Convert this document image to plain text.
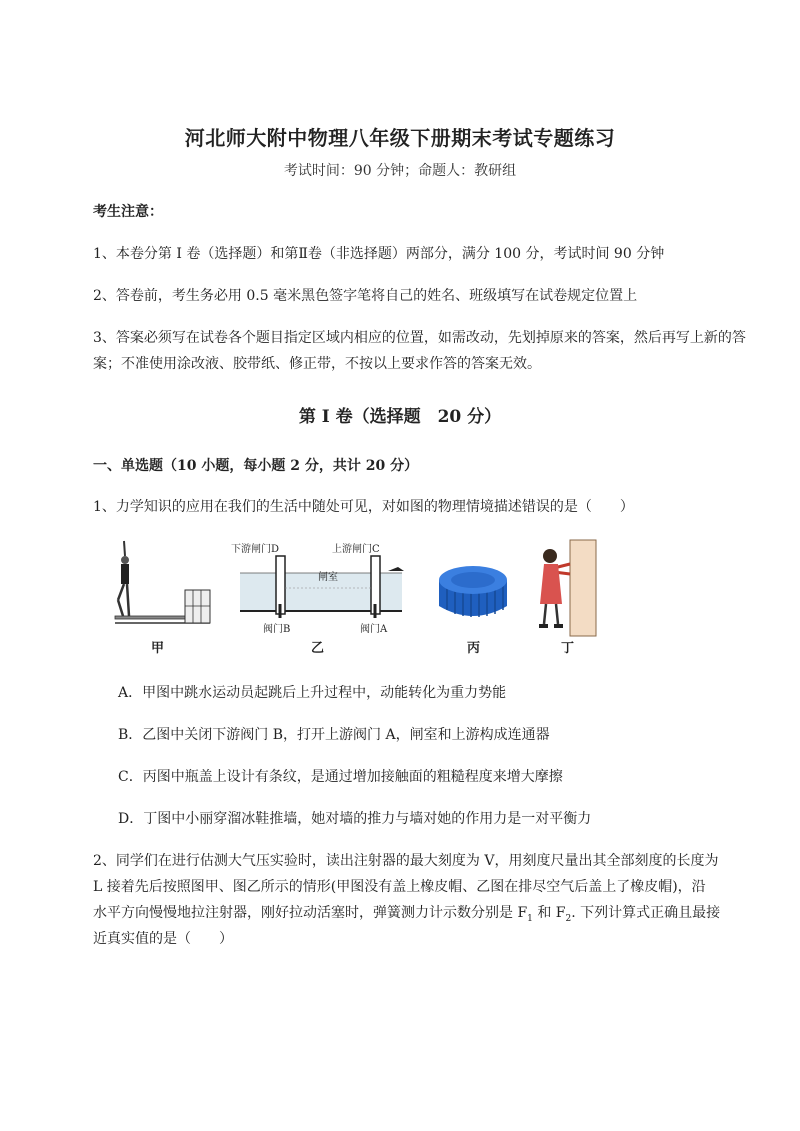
河北师大附中物理八年级下册期末考试专题练习
考试时间：90 分钟；命题人：教研组
考生注意：
1、本卷分第 I 卷（选择题）和第Ⅱ卷（非选择题）两部分，满分 100 分，考试时间 90 分钟
2、答卷前，考生务必用 0.5 毫米黑色签字笔将自己的姓名、班级填写在试卷规定位置上
3、答案必须写在试卷各个题目指定区域内相应的位置，如需改动，先划掉原来的答案，然后再写上新的答案；不准使用涂改液、胶带纸、修正带，不按以上要求作答的答案无效。
第 I 卷（选择题　20 分）
一、单选题（10 小题，每小题 2 分，共计 20 分）
1、力学知识的应用在我们的生活中随处可见，对如图的物理情境描述错误的是（　　）
甲
下游闸门D	上游闸门C
闸室
阀门B	阀门A
乙	丙	丁
A．甲图中跳水运动员起跳后上升过程中，动能转化为重力势能
B．乙图中关闭下游阀门 B，打开上游阀门 A，闸室和上游构成连通器
C．丙图中瓶盖上设计有条纹，是通过增加接触面的粗糙程度来增大摩擦
D．丁图中小丽穿溜冰鞋推墙，她对墙的推力与墙对她的作用力是一对平衡力
2、同学们在进行估测大气压实验时，读出注射器的最大刻度为 V，用刻度尺量出其全部刻度的长度为
L 接着先后按照图甲、图乙所示的情形(甲图没有盖上橡皮帽、乙图在排尽空气后盖上了橡皮帽)，沿
水平方向慢慢地拉注射器，刚好拉动活塞时，弹簧测力计示数分别是 $F_1$ 和 $F_2$. 下列计算式正确且最接
近真实值的是（　　）
